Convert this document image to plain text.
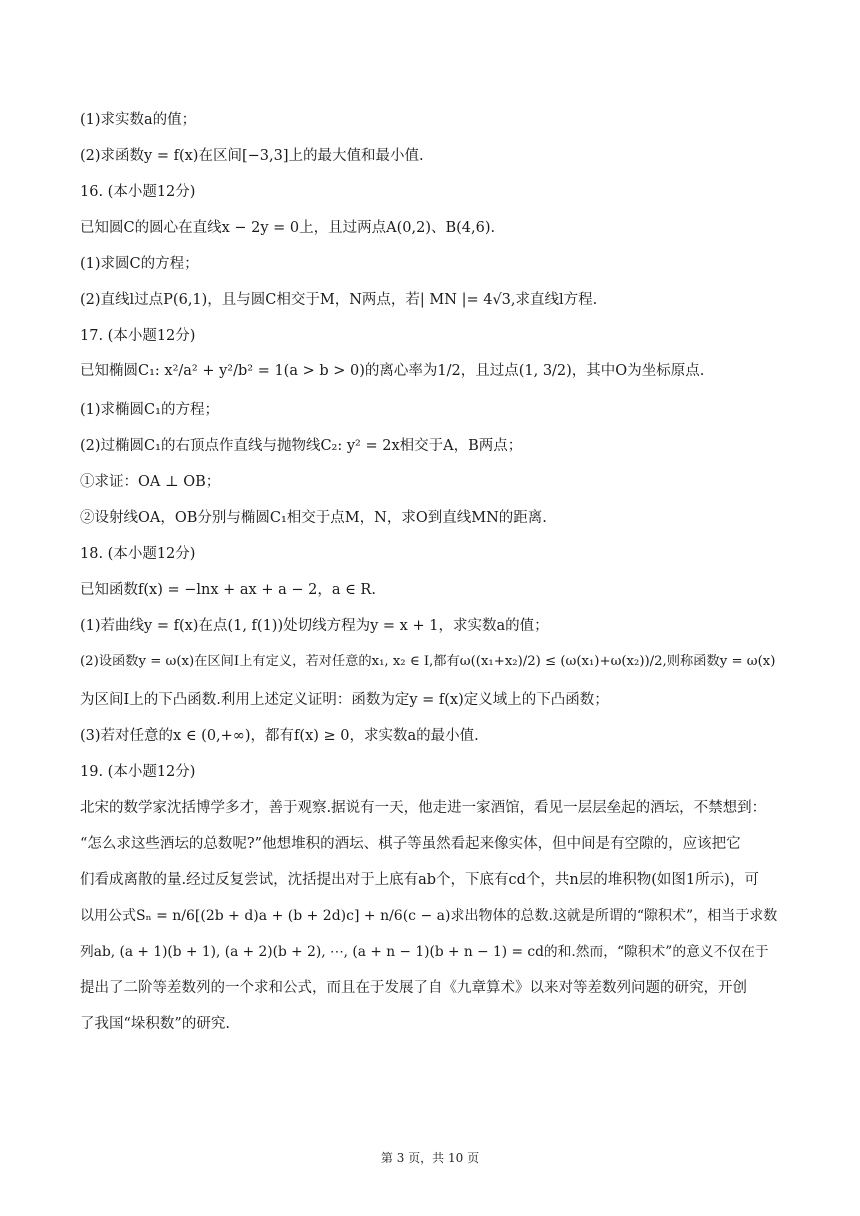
(1)求实数a的值；
(2)求函数y = f(x)在区间[−3,3]上的最大值和最小值.
16. (本小题12分)
已知圆C的圆心在直线x − 2y = 0上，且过两点A(0,2)、B(4,6).
(1)求圆C的方程；
(2)直线l过点P(6,1)，且与圆C相交于M，N两点，若| MN |= 4√3,求直线l方程.
17. (本小题12分)
已知椭圆C₁: x²/a² + y²/b² = 1(a > b > 0)的离心率为1/2，且过点(1, 3/2)，其中O为坐标原点.
(1)求椭圆C₁的方程；
(2)过椭圆C₁的右顶点作直线与抛物线C₂: y² = 2x相交于A，B两点；
①求证：OA ⊥ OB；
②设射线OA，OB分别与椭圆C₁相交于点M，N，求O到直线MN的距离.
18. (本小题12分)
已知函数f(x) = −lnx + ax + a − 2，a ∈ R.
(1)若曲线y = f(x)在点(1, f(1))处切线方程为y = x + 1，求实数a的值；
(2)设函数y = ω(x)在区间I上有定义，若对任意的x₁, x₂ ∈ I,都有ω((x₁+x₂)/2) ≤ (ω(x₁)+ω(x₂))/2,则称函数y = ω(x)
为区间I上的下凸函数.利用上述定义证明：函数为定y = f(x)定义域上的下凸函数；
(3)若对任意的x ∈ (0,+∞)，都有f(x) ≥ 0，求实数a的最小值.
19. (本小题12分)
北宋的数学家沈括博学多才，善于观察.据说有一天，他走进一家酒馆，看见一层层垒起的酒坛，不禁想到：
“怎么求这些酒坛的总数呢?”他想堆积的酒坛、棋子等虽然看起来像实体，但中间是有空隙的，应该把它
们看成离散的量.经过反复尝试，沈括提出对于上底有ab个，下底有cd个，共n层的堆积物(如图1所示)，可
以用公式Sₙ = n/6[(2b + d)a + (b + 2d)c] + n/6(c − a)求出物体的总数.这就是所谓的“隙积术”，相当于求数
列ab, (a + 1)(b + 1), (a + 2)(b + 2), ⋯, (a + n − 1)(b + n − 1) = cd的和.然而，“隙积术”的意义不仅在于
提出了二阶等差数列的一个求和公式，而且在于发展了自《九章算术》以来对等差数列问题的研究，开创
了我国“垛积数”的研究.
第 3 页，共 10 页
